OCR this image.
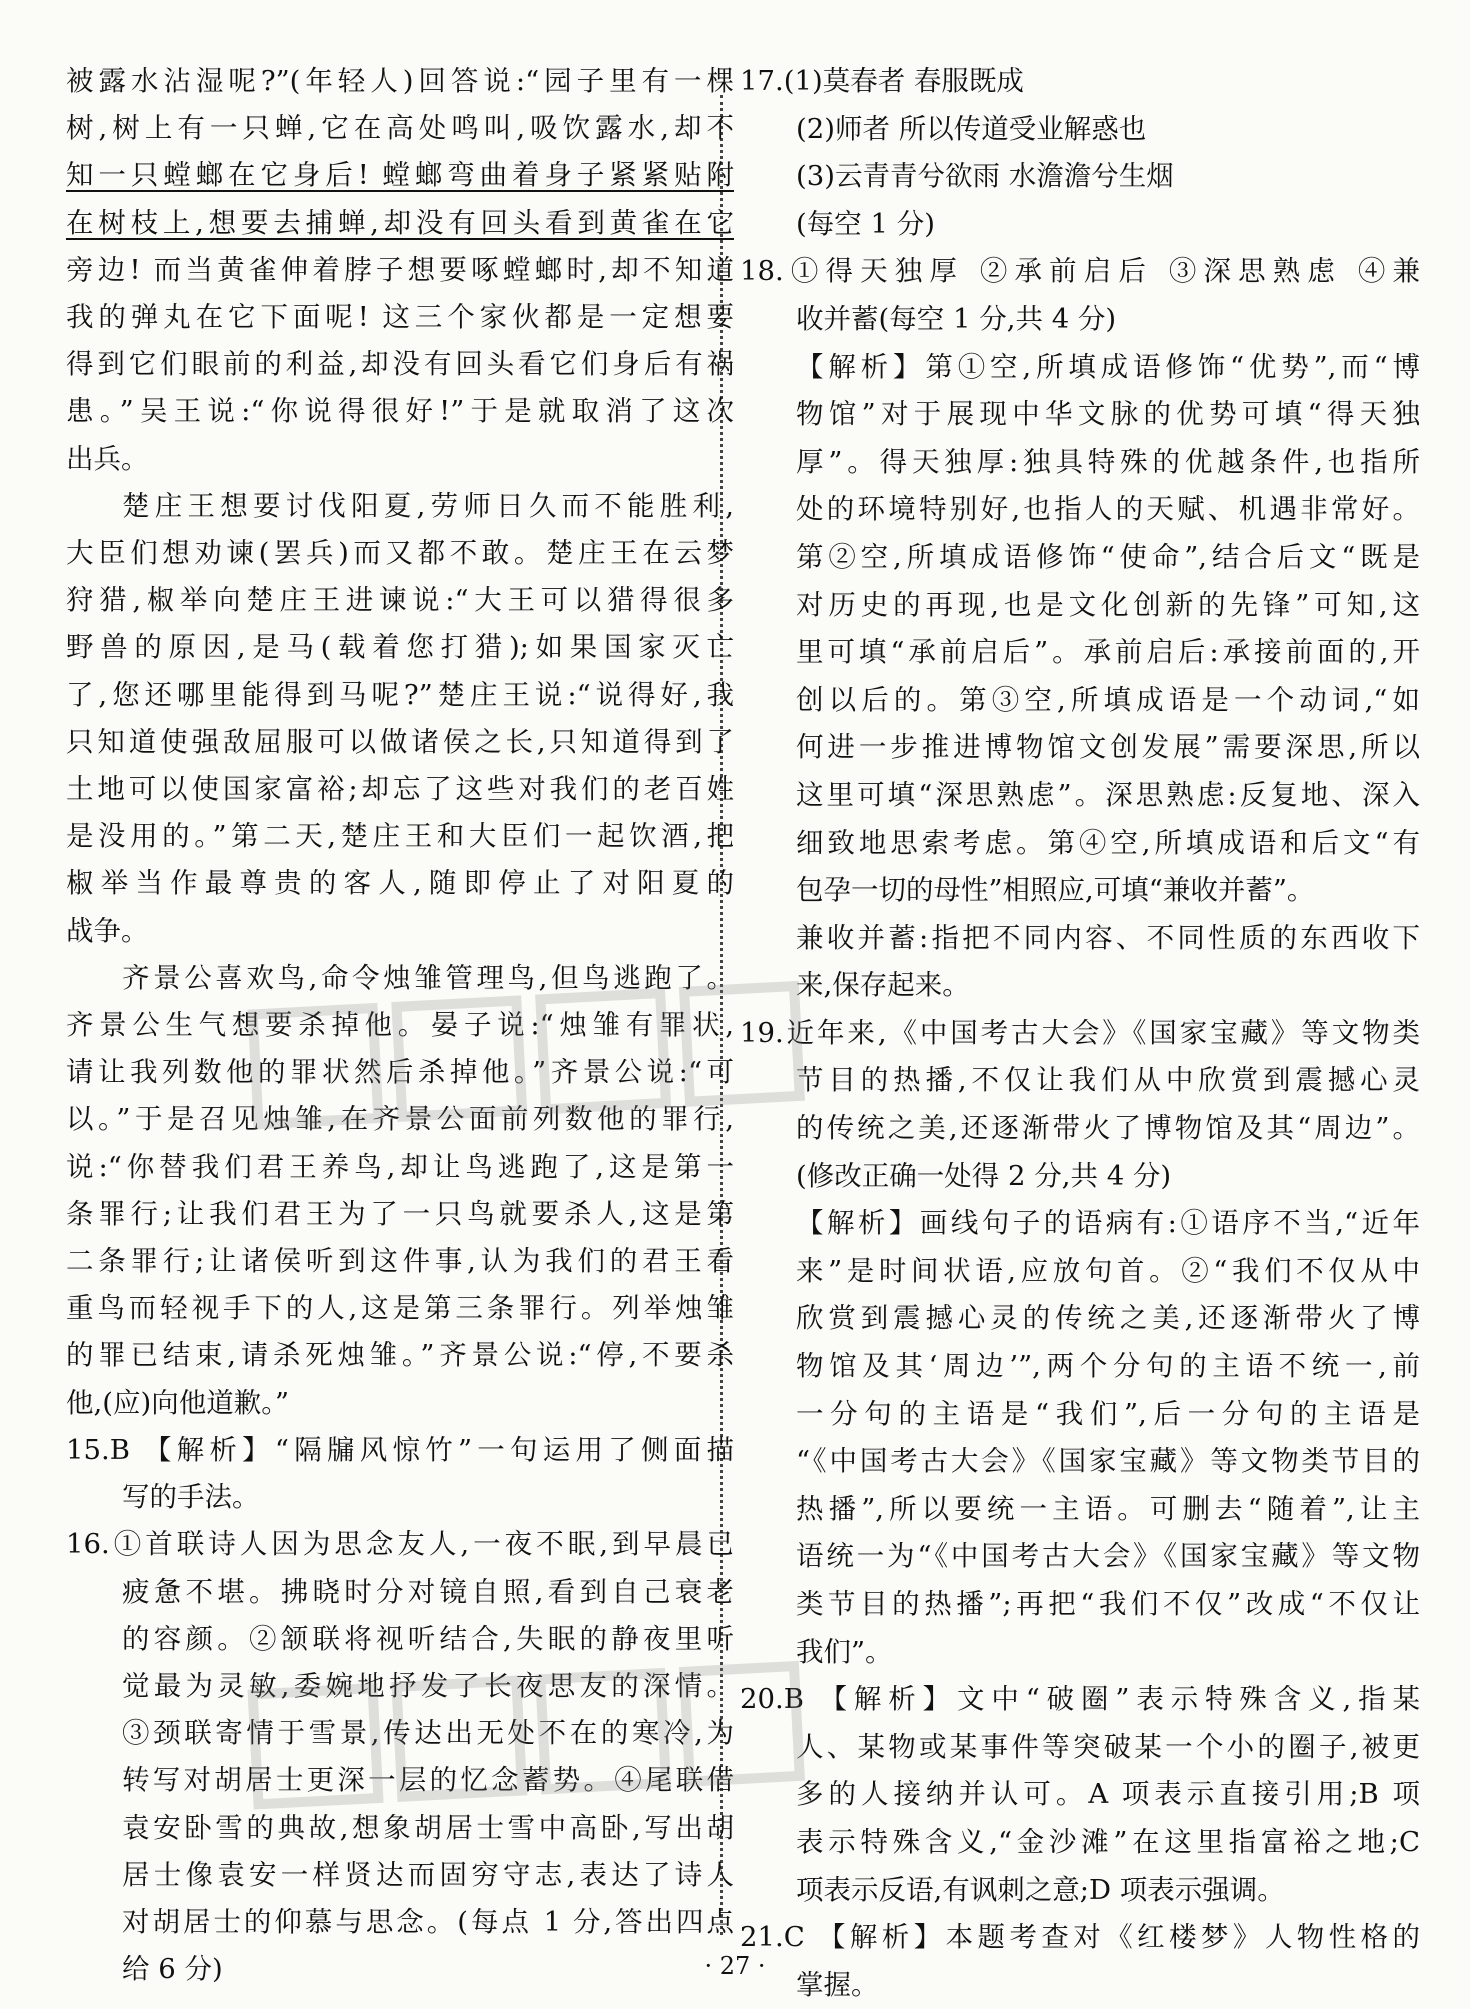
被露水沾湿呢?”(年轻人)回答说:“园子里有一棵
树,树上有一只蝉,它在高处鸣叫,吸饮露水,却不
知一只螳螂在它身后! 螳螂弯曲着身子紧紧贴附
在树枝上,想要去捕蝉,却没有回头看到黄雀在它
旁边! 而当黄雀伸着脖子想要啄螳螂时,却不知道
我的弹丸在它下面呢! 这三个家伙都是一定想要
得到它们眼前的利益,却没有回头看它们身后有祸
患。”吴王说:“你说得很好!”于是就取消了这次
出兵。
楚庄王想要讨伐阳夏,劳师日久而不能胜利,
大臣们想劝谏(罢兵)而又都不敢。楚庄王在云梦
狩猎,椒举向楚庄王进谏说:“大王可以猎得很多
野兽的原因,是马(载着您打猎);如果国家灭亡
了,您还哪里能得到马呢?”楚庄王说:“说得好,我
只知道使强敌屈服可以做诸侯之长,只知道得到了
土地可以使国家富裕;却忘了这些对我们的老百姓
是没用的。”第二天,楚庄王和大臣们一起饮酒,把
椒举当作最尊贵的客人,随即停止了对阳夏的
战争。
齐景公喜欢鸟,命令烛雏管理鸟,但鸟逃跑了。
齐景公生气想要杀掉他。晏子说:“烛雏有罪状,
请让我列数他的罪状然后杀掉他。”齐景公说:“可
以。”于是召见烛雏,在齐景公面前列数他的罪行,
说:“你替我们君王养鸟,却让鸟逃跑了,这是第一
条罪行;让我们君王为了一只鸟就要杀人,这是第
二条罪行;让诸侯听到这件事,认为我们的君王看
重鸟而轻视手下的人,这是第三条罪行。列举烛雏
的罪已结束,请杀死烛雏。”齐景公说:“停,不要杀
他,(应)向他道歉。”
15.B 【解析】“隔牖风惊竹”一句运用了侧面描
写的手法。
16.①首联诗人因为思念友人,一夜不眠,到早晨已
疲惫不堪。拂晓时分对镜自照,看到自己衰老
的容颜。②颔联将视听结合,失眠的静夜里听
觉最为灵敏,委婉地抒发了长夜思友的深情。
③颈联寄情于雪景,传达出无处不在的寒冷,为
转写对胡居士更深一层的忆念蓄势。④尾联借
袁安卧雪的典故,想象胡居士雪中高卧,写出胡
居士像袁安一样贤达而固穷守志,表达了诗人
对胡居士的仰慕与思念。(每点 1 分,答出四点
给 6 分)
17.(1)莫春者 春服既成
(2)师者 所以传道受业解惑也
(3)云青青兮欲雨 水澹澹兮生烟
(每空 1 分)
18.①得天独厚 ②承前启后 ③深思熟虑 ④兼
收并蓄(每空 1 分,共 4 分)
【解析】第①空,所填成语修饰“优势”,而“博
物馆”对于展现中华文脉的优势可填“得天独
厚”。得天独厚:独具特殊的优越条件,也指所
处的环境特别好,也指人的天赋、机遇非常好。
第②空,所填成语修饰“使命”,结合后文“既是
对历史的再现,也是文化创新的先锋”可知,这
里可填“承前启后”。承前启后:承接前面的,开
创以后的。第③空,所填成语是一个动词,“如
何进一步推进博物馆文创发展”需要深思,所以
这里可填“深思熟虑”。深思熟虑:反复地、深入
细致地思索考虑。第④空,所填成语和后文“有
包孕一切的母性”相照应,可填“兼收并蓄”。
兼收并蓄:指把不同内容、不同性质的东西收下
来,保存起来。
19.近年来,《中国考古大会》《国家宝藏》等文物类
节目的热播,不仅让我们从中欣赏到震撼心灵
的传统之美,还逐渐带火了博物馆及其“周边”。
(修改正确一处得 2 分,共 4 分)
【解析】画线句子的语病有:①语序不当,“近年
来”是时间状语,应放句首。②“我们不仅从中
欣赏到震撼心灵的传统之美,还逐渐带火了博
物馆及其‘周边’”,两个分句的主语不统一,前
一分句的主语是“我们”,后一分句的主语是
“《中国考古大会》《国家宝藏》等文物类节目的
热播”,所以要统一主语。可删去“随着”,让主
语统一为“《中国考古大会》《国家宝藏》等文物
类节目的热播”;再把“我们不仅”改成“不仅让
我们”。
20.B 【解析】文中“破圈”表示特殊含义,指某
人、某物或某事件等突破某一个小的圈子,被更
多的人接纳并认可。A 项表示直接引用;B 项
表示特殊含义,“金沙滩”在这里指富裕之地;C
项表示反语,有讽刺之意;D 项表示强调。
21.C 【解析】本题考查对《红楼梦》人物性格的
掌握。
· 27 ·
